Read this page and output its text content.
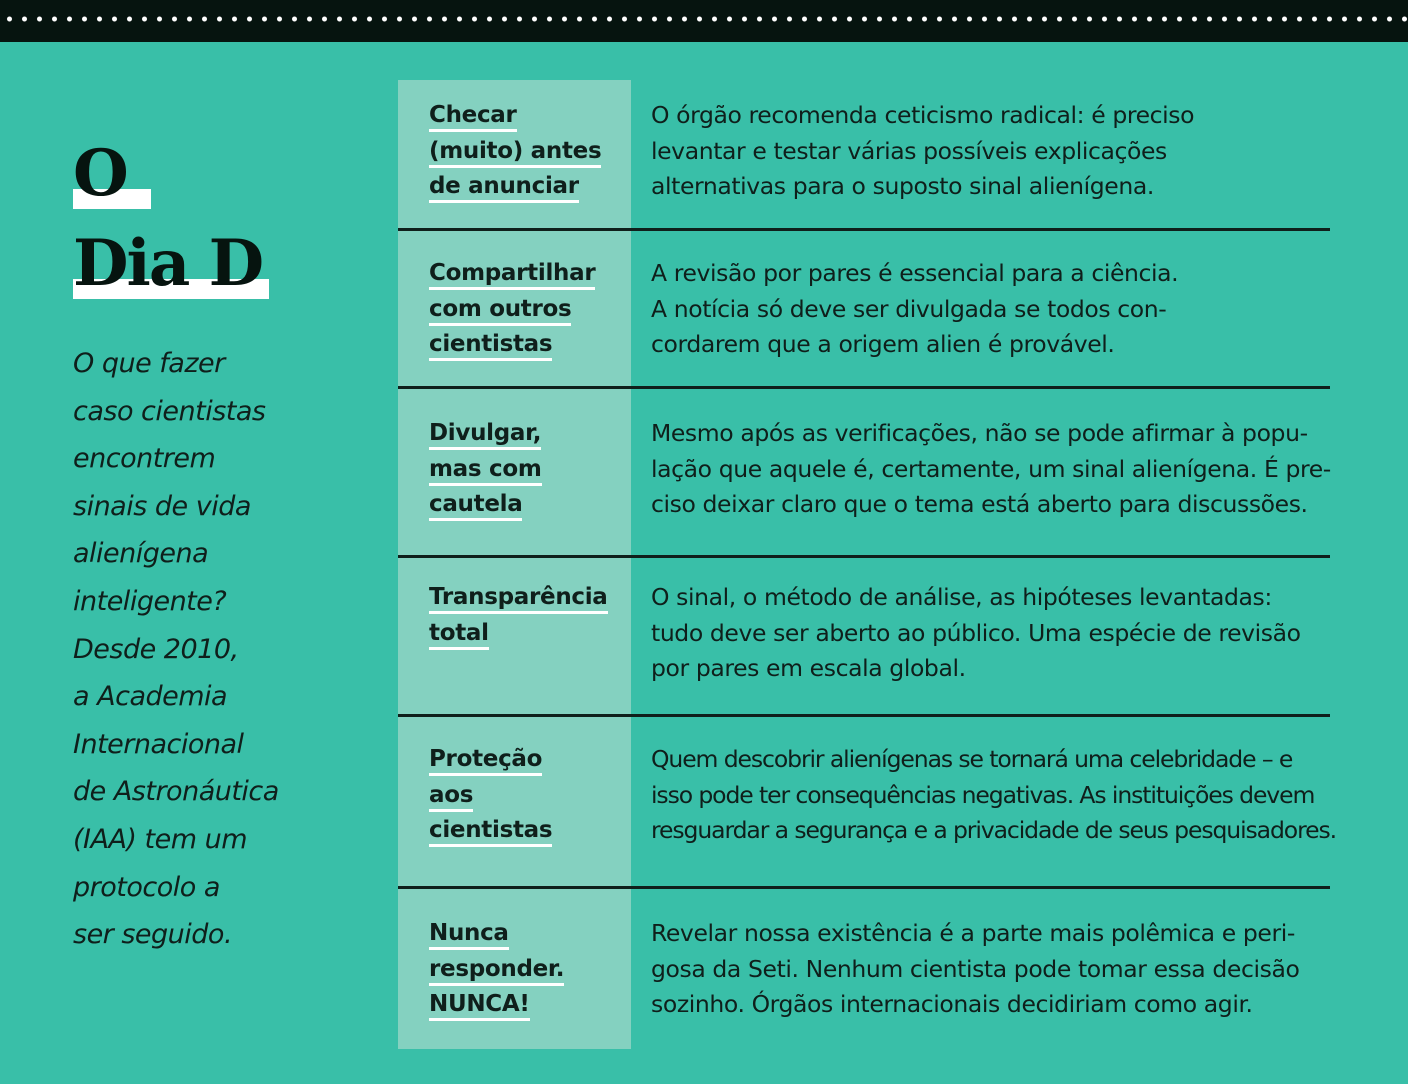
O
Dia D
O que fazer
caso cientistas
encontrem
sinais de vida
alienígena
inteligente?
Desde 2010,
a Academia
Internacional
de Astronáutica
(IAA) tem um
protocolo a
ser seguido.
Checar
(muito) antes
de anunciar
O órgão recomenda ceticismo radical: é preciso
levantar e testar várias possíveis explicações
alternativas para o suposto sinal alienígena.
Compartilhar
com outros
cientistas
A revisão por pares é essencial para a ciência.
A notícia só deve ser divulgada se todos con-
cordarem que a origem alien é provável.
Divulgar,
mas com
cautela
Mesmo após as verificações, não se pode afirmar à popu-
lação que aquele é, certamente, um sinal alienígena. É pre-
ciso deixar claro que o tema está aberto para discussões.
Transparência
total
O sinal, o método de análise, as hipóteses levantadas:
tudo deve ser aberto ao público. Uma espécie de revisão
por pares em escala global.
Proteção
aos
cientistas
Quem descobrir alienígenas se tornará uma celebridade – e
isso pode ter consequências negativas. As instituições devem
resguardar a segurança e a privacidade de seus pesquisadores.
Nunca
responder.
NUNCA!
Revelar nossa existência é a parte mais polêmica e peri-
gosa da Seti. Nenhum cientista pode tomar essa decisão
sozinho. Órgãos internacionais decidiriam como agir.
